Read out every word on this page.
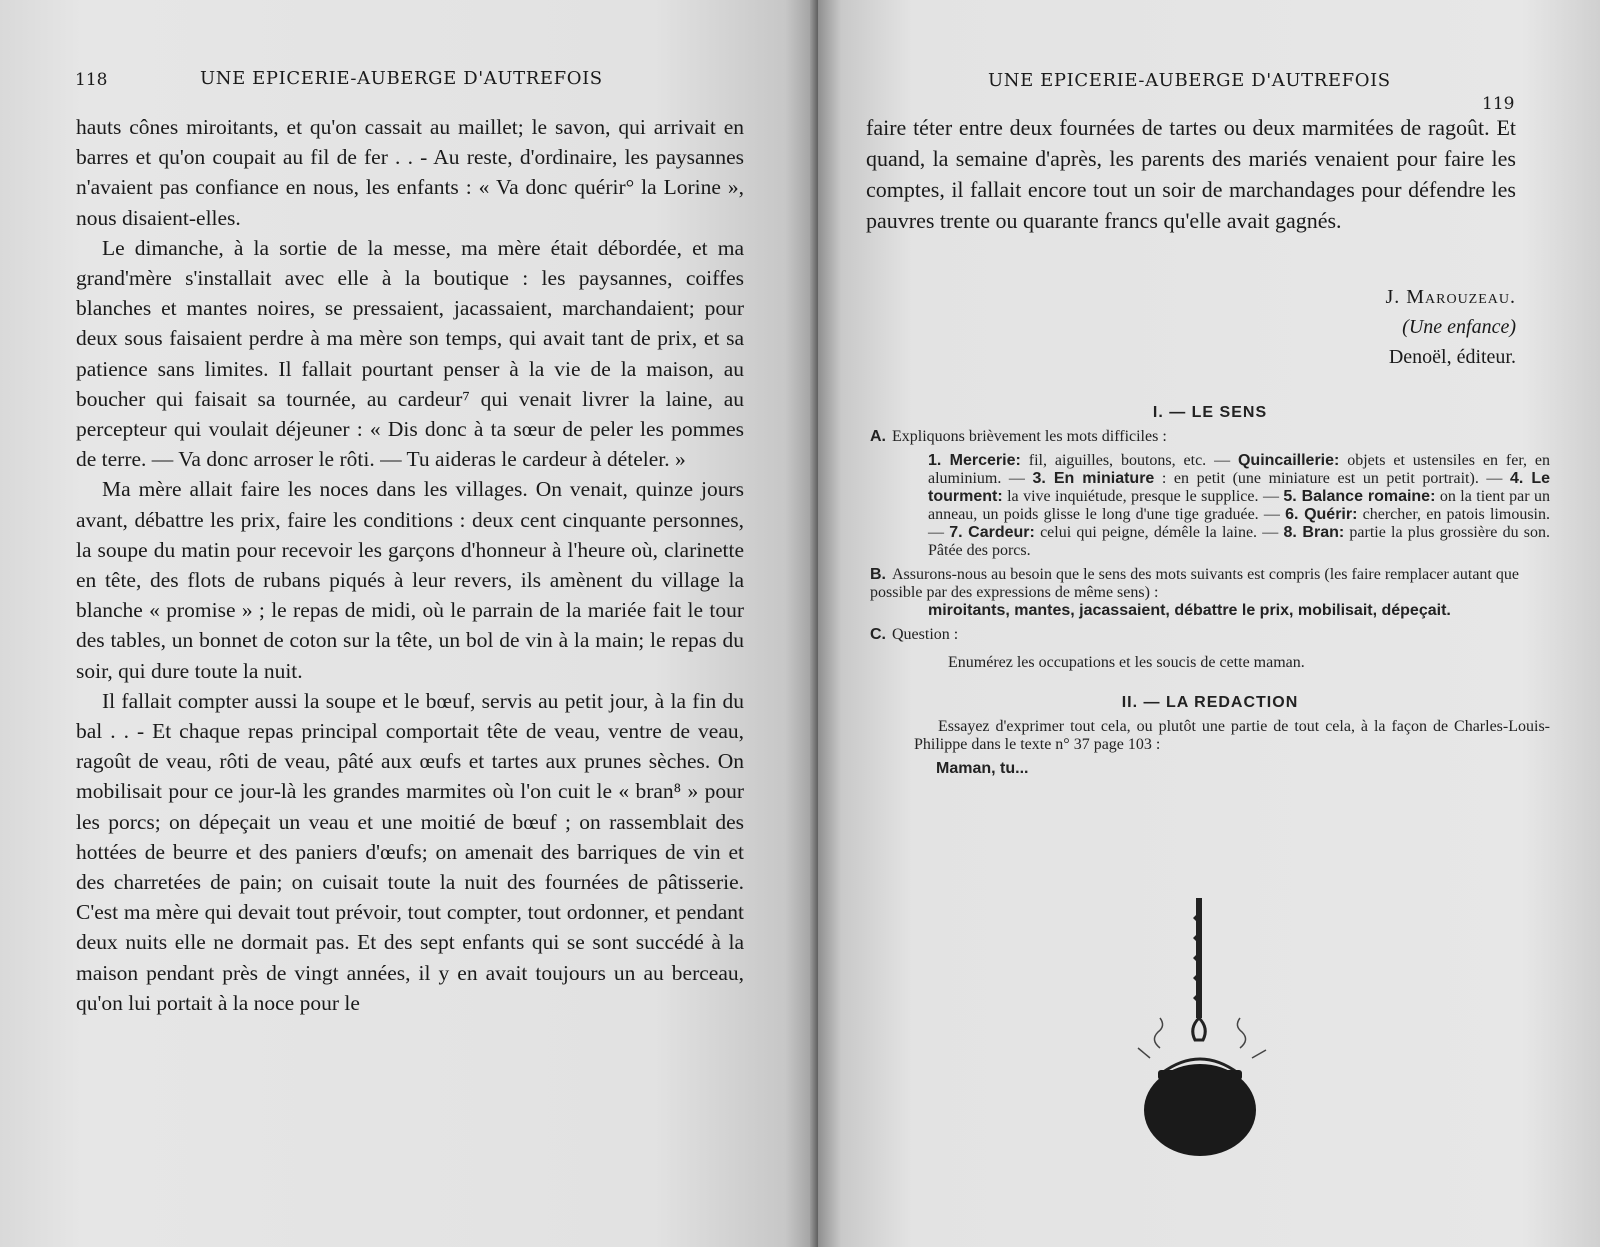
118	UNE EPICERIE-AUBERGE D'AUTREFOIS

hauts cônes miroitants, et qu'on cassait au maillet; le savon, qui arrivait en barres et qu'on coupait au fil de fer . . - Au reste, d'ordinaire, les paysannes n'avaient pas confiance en nous, les enfants : « Va donc quérir° la Lorine », nous disaient-elles.

Le dimanche, à la sortie de la messe, ma mère était débordée, et ma grand'mère s'installait avec elle à la boutique : les paysannes, coiffes blanches et mantes noires, se pressaient, jacassaient, marchandaient; pour deux sous faisaient perdre à ma mère son temps, qui avait tant de prix, et sa patience sans limites. Il fallait pourtant penser à la vie de la maison, au boucher qui faisait sa tournée, au cardeur⁷ qui venait livrer la laine, au percepteur qui voulait déjeuner : « Dis donc à ta sœur de peler les pommes de terre. — Va donc arroser le rôti. — Tu aideras le cardeur à dételer. »

Ma mère allait faire les noces dans les villages. On venait, quinze jours avant, débattre les prix, faire les conditions : deux cent cinquante personnes, la soupe du matin pour recevoir les garçons d'honneur à l'heure où, clarinette en tête, des flots de rubans piqués à leur revers, ils amènent du village la blanche « promise » ; le repas de midi, où le parrain de la mariée fait le tour des tables, un bonnet de coton sur la tête, un bol de vin à la main; le repas du soir, qui dure toute la nuit.

Il fallait compter aussi la soupe et le bœuf, servis au petit jour, à la fin du bal . . - Et chaque repas principal comportait tête de veau, ventre de veau, ragoût de veau, rôti de veau, pâté aux œufs et tartes aux prunes sèches. On mobilisait pour ce jour-là les grandes marmites où l'on cuit le « bran⁸ » pour les porcs; on dépeçait un veau et une moitié de bœuf ; on rassemblait des hottées de beurre et des paniers d'œufs; on amenait des barriques de vin et des charretées de pain; on cuisait toute la nuit des fournées de pâtisserie. C'est ma mère qui devait tout prévoir, tout compter, tout ordonner, et pendant deux nuits elle ne dormait pas. Et des sept enfants qui se sont succédé à la maison pendant près de vingt années, il y en avait toujours un au berceau, qu'on lui portait à la noce pour le

UNE EPICERIE-AUBERGE D'AUTREFOIS
119

faire téter entre deux fournées de tartes ou deux marmitées de ragoût. Et quand, la semaine d'après, les parents des mariés venaient pour faire les comptes, il fallait encore tout un soir de marchandages pour défendre les pauvres trente ou quarante francs qu'elle avait gagnés.

J. Marouzeau.
(Une enfance)
Denoël, éditeur.
I. — LE SENS
A. Expliquons brièvement les mots difficiles :
1. Mercerie: fil, aiguilles, boutons, etc. — Quincaillerie: objets et ustensiles en fer, en aluminium. — 3. En miniature : en petit (une miniature est un petit portrait). — 4. Le tourment: la vive inquiétude, presque le supplice. — 5. Balance romaine: on la tient par un anneau, un poids glisse le long d'une tige graduée. — 6. Quérir: chercher, en patois limousin. — 7. Cardeur: celui qui peigne, démêle la laine. — 8. Bran: partie la plus grossière du son. Pâtée des porcs.
B. Assurons-nous au besoin que le sens des mots suivants est compris (les faire remplacer autant que possible par des expressions de même sens) :
miroitants, mantes, jacassaient, débattre le prix, mobilisait, dépeçait.
C. Question :
Enumérez les occupations et les soucis de cette maman.
II. — LA REDACTION
Essayez d'exprimer tout cela, ou plutôt une partie de tout cela, à la façon de Charles-Louis-Philippe dans le texte n° 37 page 103 :
Maman, tu...
